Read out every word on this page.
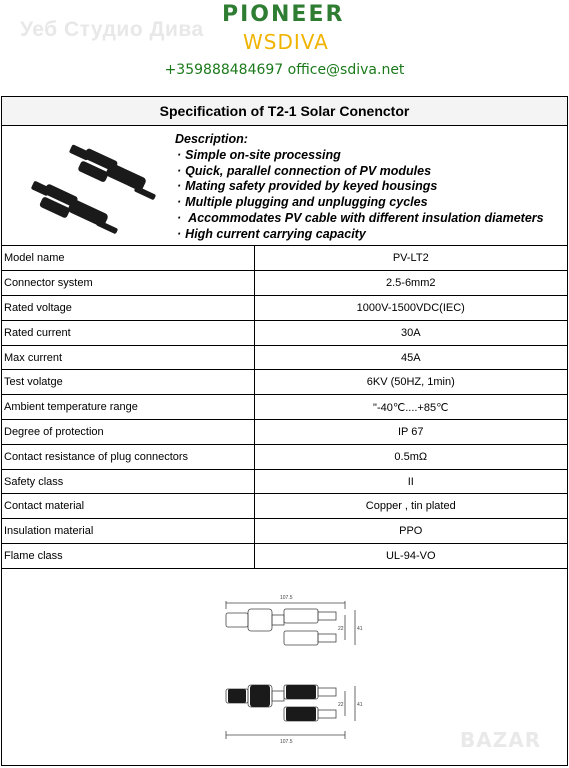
Уеб Студио Дива
PIONEER
WSDIVA
+359888484697 office@sdiva.net
Specification of T2-1 Solar Conenctor
Description:
· Simple on-site processing
· Quick, parallel connection of PV modules
· Mating safety provided by keyed housings
· Multiple plugging and unplugging cycles
· Accommodates PV cable with different insulation diameters
· High current carrying capacity
Model name	PV-LT2
Connector system	2.5-6mm2
Rated voltage	1000V-1500VDC(IEC)
Rated current	30A
Max current	45A
Test volatge	6KV (50HZ, 1min)
Ambient temperature range	"-40℃....+85℃
Degree of protection	IP 67
Contact resistance of plug connectors	0.5mΩ
Safety class	II
Contact material	Copper , tin plated
Insulation material	PPO
Flame class	UL-94-VO
107.5
22	41
22	41
107.5	BAZAR
